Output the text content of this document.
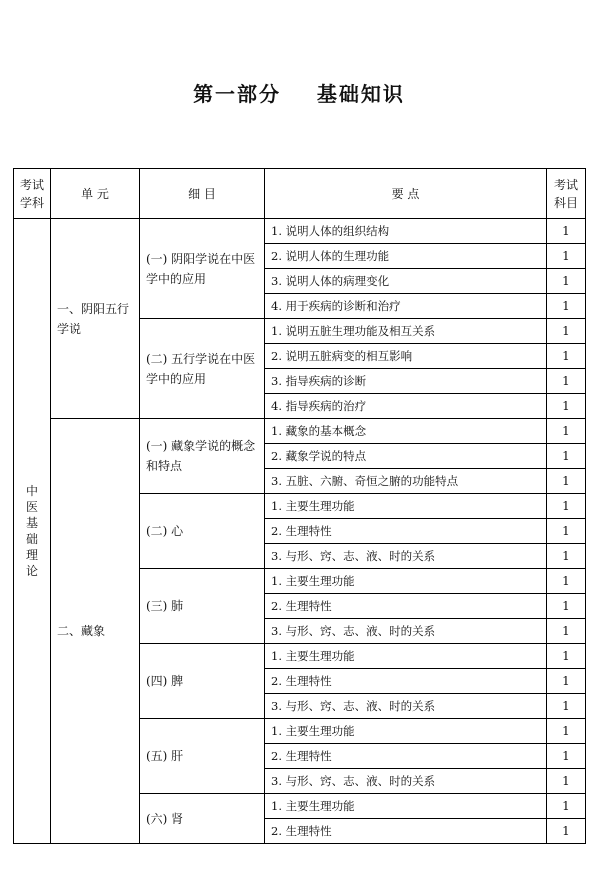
第一部分 基础知识
考试学科	单 元	细 目	要 点	考试科目
中医基础理论	一、阴阳五行学说	(一) 阴阳学说在中医学中的应用	1. 说明人体的组织结构	1
			2. 说明人体的生理功能	1
			3. 说明人体的病理变化	1
			4. 用于疾病的诊断和治疗	1
		(二) 五行学说在中医学中的应用	1. 说明五脏生理功能及相互关系	1
			2. 说明五脏病变的相互影响	1
			3. 指导疾病的诊断	1
			4. 指导疾病的治疗	1
	二、藏象	(一) 藏象学说的概念和特点	1. 藏象的基本概念	1
			2. 藏象学说的特点	1
			3. 五脏、六腑、奇恒之腑的功能特点	1
		(二) 心	1. 主要生理功能	1
			2. 生理特性	1
			3. 与形、窍、志、液、时的关系	1
		(三) 肺	1. 主要生理功能	1
			2. 生理特性	1
			3. 与形、窍、志、液、时的关系	1
		(四) 脾	1. 主要生理功能	1
			2. 生理特性	1
			3. 与形、窍、志、液、时的关系	1
		(五) 肝	1. 主要生理功能	1
			2. 生理特性	1
			3. 与形、窍、志、液、时的关系	1
		(六) 肾	1. 主要生理功能	1
			2. 生理特性	1
